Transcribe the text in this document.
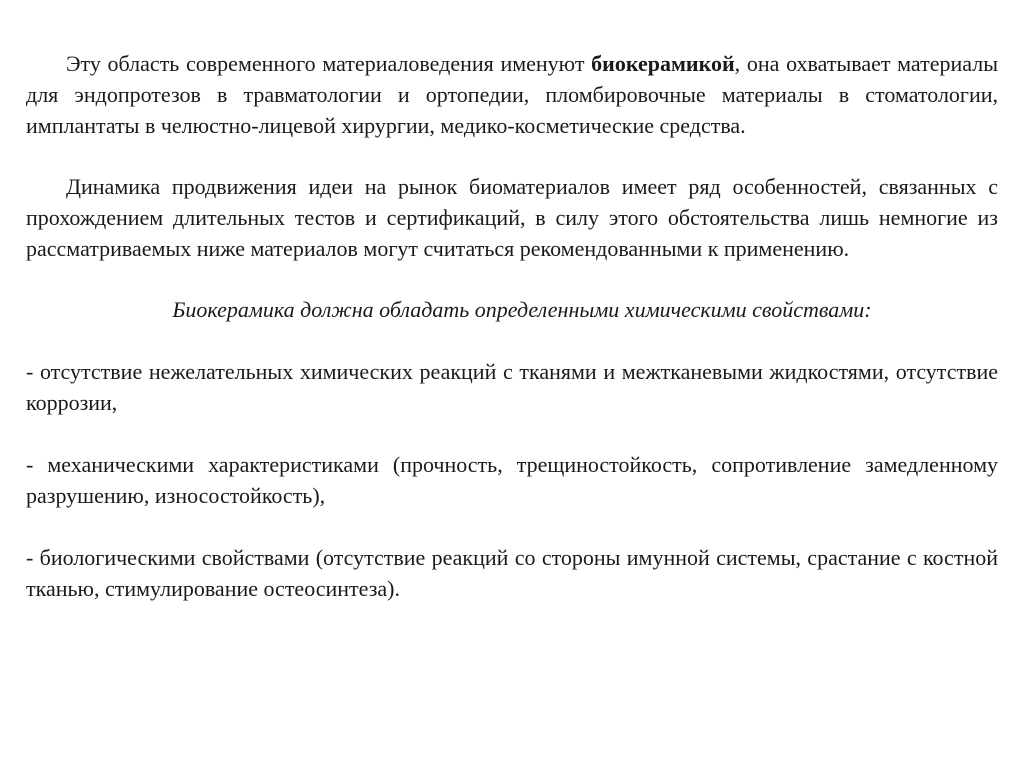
Эту область современного материаловедения именуют биокерамикой, она охватывает материалы для эндопротезов в травматологии и ортопедии, пломбировочные материалы в стоматологии, имплантаты в челюстно-лицевой хирургии, медико-косметические средства.

Динамика продвижения идеи на рынок биоматериалов имеет ряд особенностей, связанных с прохождением длительных тестов и сертификаций, в силу этого обстоятельства лишь немногие из рассматриваемых ниже материалов могут считаться рекомендованными к применению.

Биокерамика должна обладать определенными химическими свойствами:

- отсутствие нежелательных химических реакций с тканями и межтканевыми жидкостями, отсутствие коррозии,

- механическими характеристиками (прочность, трещиностойкость, сопротивление замедленному разрушению, износостойкость),

- биологическими свойствами (отсутствие реакций со стороны имунной системы, срастание с костной тканью, стимулирование остеосинтеза).
